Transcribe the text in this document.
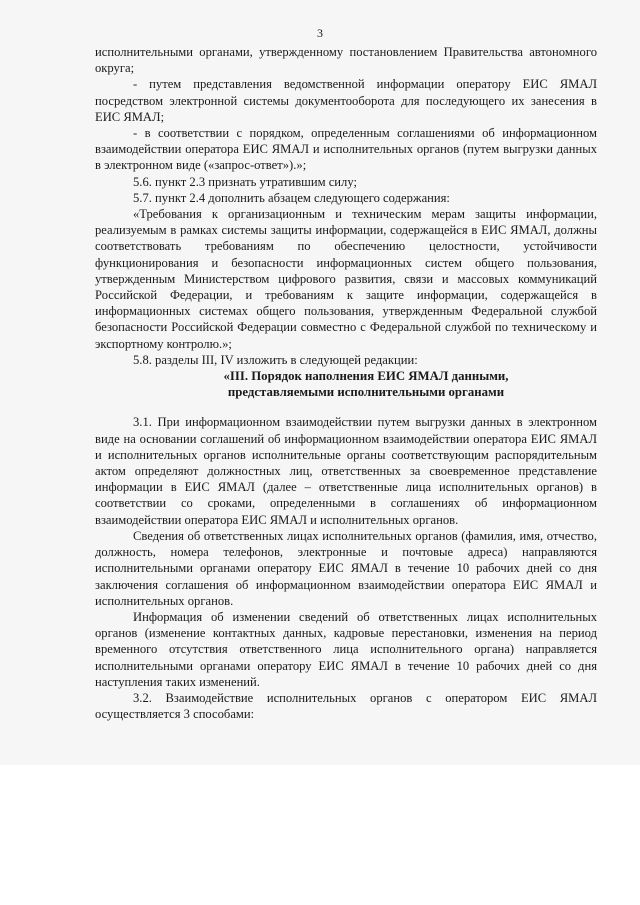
3

исполнительными органами, утвержденному постановлением Правительства автономного округа;

- путем представления ведомственной информации оператору ЕИС ЯМАЛ посредством электронной системы документооборота для последующего их занесения в ЕИС ЯМАЛ;

- в соответствии с порядком, определенным соглашениями об информационном взаимодействии оператора ЕИС ЯМАЛ и исполнительных органов (путем выгрузки данных в электронном виде («запрос-ответ»).»;

5.6. пункт 2.3 признать утратившим силу;

5.7. пункт 2.4 дополнить абзацем следующего содержания:

«Требования к организационным и техническим мерам защиты информации, реализуемым в рамках системы защиты информации, содержащейся в ЕИС ЯМАЛ, должны соответствовать требованиям по обеспечению целостности, устойчивости функционирования и безопасности информационных систем общего пользования, утвержденным Министерством цифрового развития, связи и массовых коммуникаций Российской Федерации, и требованиям к защите информации, содержащейся в информационных системах общего пользования, утвержденным Федеральной службой безопасности Российской Федерации совместно с Федеральной службой по техническому и экспортному контролю.»;

5.8. разделы III, IV изложить в следующей редакции:

«III. Порядок наполнения ЕИС ЯМАЛ данными,

представляемыми исполнительными органами

3.1. При информационном взаимодействии путем выгрузки данных в электронном виде на основании соглашений об информационном взаимодействии оператора ЕИС ЯМАЛ и исполнительных органов исполнительные органы соответствующим распорядительным актом определяют должностных лиц, ответственных за своевременное представление информации в ЕИС ЯМАЛ (далее – ответственные лица исполнительных органов) в соответствии со сроками, определенными в соглашениях об информационном взаимодействии оператора ЕИС ЯМАЛ и исполнительных органов.

Сведения об ответственных лицах исполнительных органов (фамилия, имя, отчество, должность, номера телефонов, электронные и почтовые адреса) направляются исполнительными органами оператору ЕИС ЯМАЛ в течение 10 рабочих дней со дня заключения соглашения об информационном взаимодействии оператора ЕИС ЯМАЛ и исполнительных органов.

Информация об изменении сведений об ответственных лицах исполнительных органов (изменение контактных данных, кадровые перестановки, изменения на период временного отсутствия ответственного лица исполнительного органа) направляется исполнительными органами оператору ЕИС ЯМАЛ в течение 10 рабочих дней со дня наступления таких изменений.

3.2. Взаимодействие исполнительных органов с оператором ЕИС ЯМАЛ осуществляется 3 способами:
